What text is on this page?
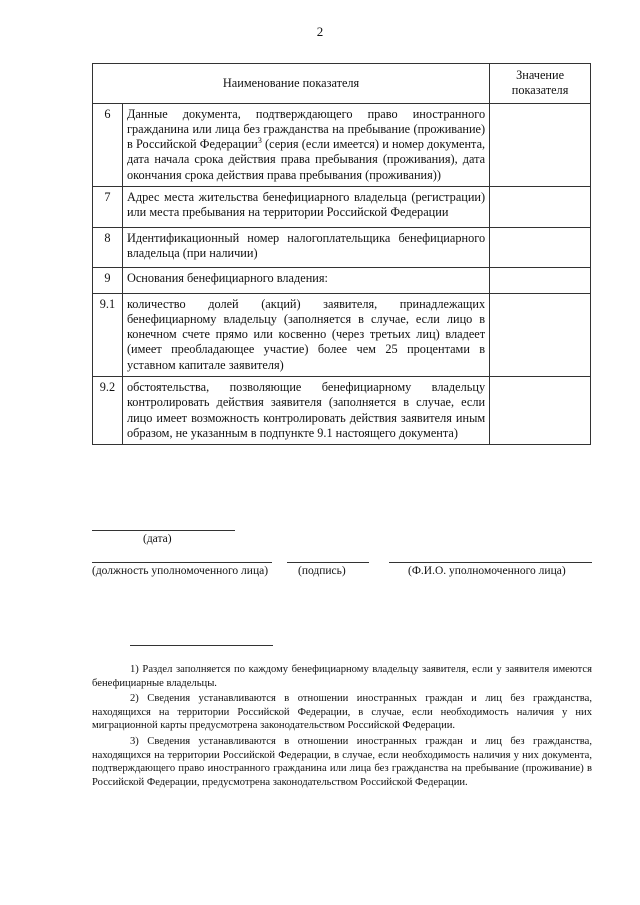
2
Наименование показателя		Значение показателя
6	Данные документа, подтверждающего право иностранного гражданина или лица без гражданства на пребывание (проживание) в Российской Федерации$^3$ (серия (если имеется) и номер документа, дата начала срока действия права пребывания (проживания), дата окончания срока действия права пребывания (проживания))	
7	Адрес места жительства бенефициарного владельца (регистрации) или места пребывания на территории Российской Федерации	
8	Идентификационный номер налогоплательщика бенефициарного владельца (при наличии)	
9	Основания бенефициарного владения:	
9.1	количество долей (акций) заявителя, принадлежащих бенефициарному владельцу (заполняется в случае, если лицо в конечном счете прямо или косвенно (через третьих лиц) владеет (имеет преобладающее участие) более чем 25 процентами в уставном капитале заявителя)	
9.2	обстоятельства, позволяющие бенефициарному владельцу контролировать действия заявителя (заполняется в случае, если лицо имеет возможность контролировать действия заявителя иным образом, не указанным в подпункте 9.1 настоящего документа)	
(дата)
(должность уполномоченного лица)	(подпись)	(Ф.И.О. уполномоченного лица)

1) Раздел заполняется по каждому бенефициарному владельцу заявителя, если у заявителя имеются бенефициарные владельцы.

2) Сведения устанавливаются в отношении иностранных граждан и лиц без гражданства, находящихся на территории Российской Федерации, в случае, если необходимость наличия у них миграционной карты предусмотрена законодательством Российской Федерации.

3) Сведения устанавливаются в отношении иностранных граждан и лиц без гражданства, находящихся на территории Российской Федерации, в случае, если необходимость наличия у них документа, подтверждающего право иностранного гражданина или лица без гражданства на пребывание (проживание) в Российской Федерации, предусмотрена законодательством Российской Федерации.
